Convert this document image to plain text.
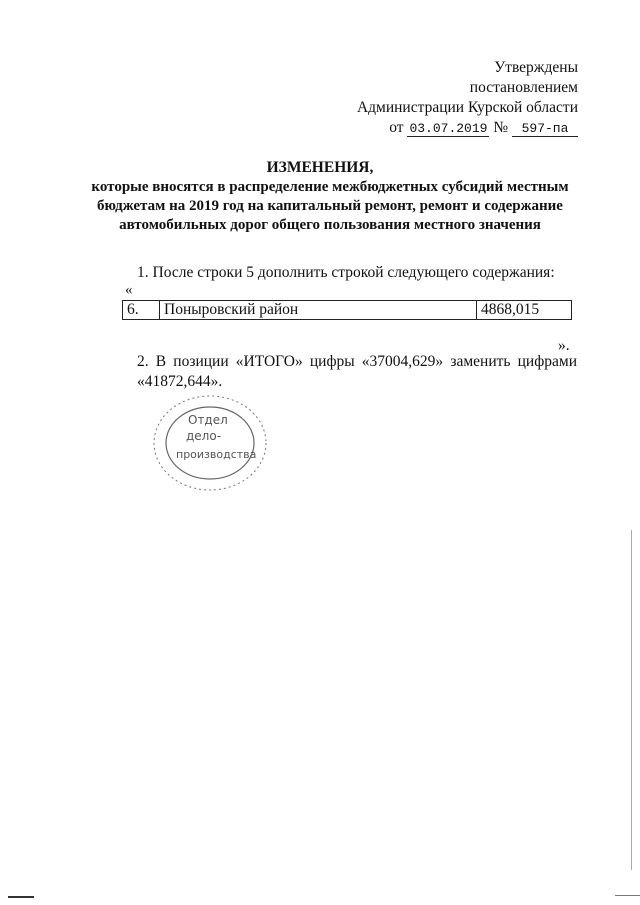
Утверждены
постановлением
Администрации Курской области
от 03.07.2019 № 597-па
ИЗМЕНЕНИЯ,
которые вносятся в распределение межбюджетных субсидий местным бюджетам на 2019 год на капитальный ремонт, ремонт и содержание автомобильных дорог общего пользования местного значения
1. После строки 5 дополнить строкой следующего содержания:
«
6.	Поныровский район	4868,015
».
2. В позиции «ИТОГО» цифры «37004,629» заменить цифрами «41872,644».
Отдел
дело-
производства
